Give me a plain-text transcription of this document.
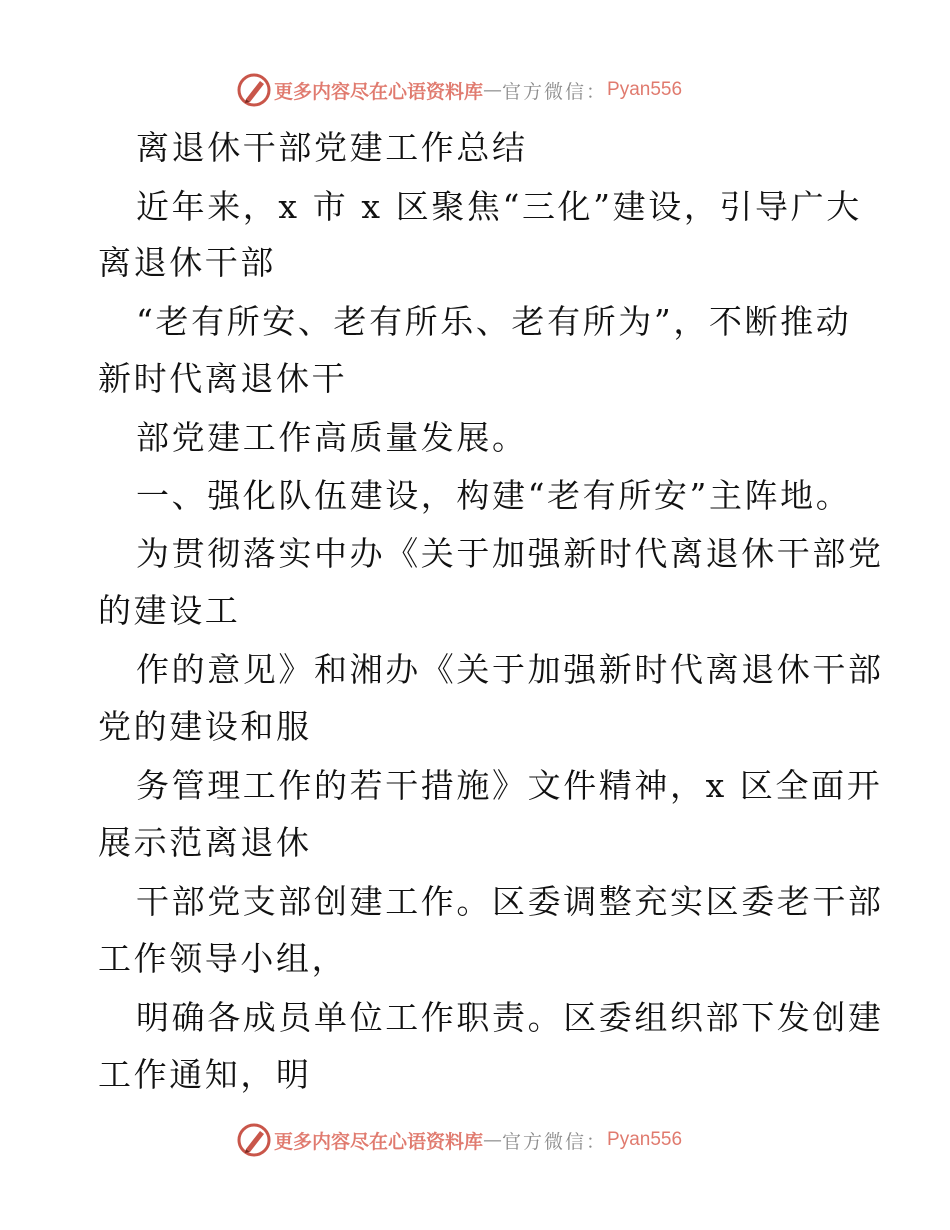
更多内容尽在心语资料库 — 官方微信： Pyan556
离退休干部党建工作总结
近年来，x 市 x 区聚焦“三化”建设，引导广大
离退休干部
“老有所安、老有所乐、老有所为”，不断推动
新时代离退休干
部党建工作高质量发展。
一、强化队伍建设，构建“老有所安”主阵地。
为贯彻落实中办《关于加强新时代离退休干部党
的建设工
作的意见》和湘办《关于加强新时代离退休干部
党的建设和服
务管理工作的若干措施》文件精神，x 区全面开
展示范离退休
干部党支部创建工作。区委调整充实区委老干部
工作领导小组，
明确各成员单位工作职责。区委组织部下发创建
工作通知，明
更多内容尽在心语资料库 — 官方微信： Pyan556
